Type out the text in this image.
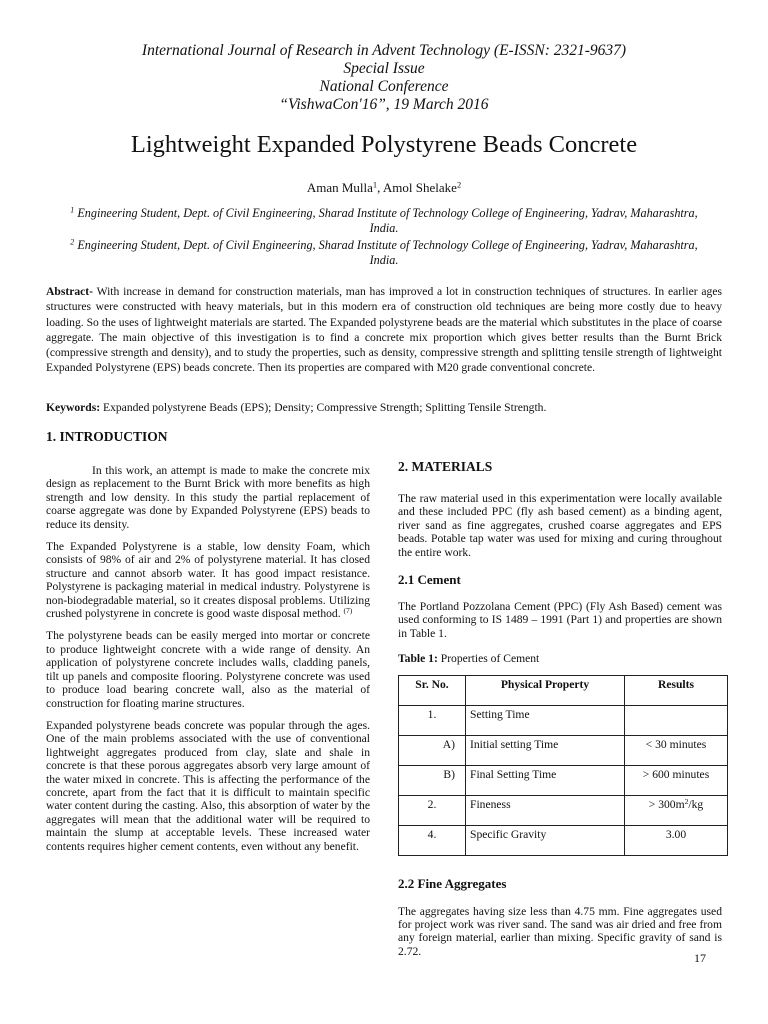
International Journal of Research in Advent Technology (E-ISSN: 2321-9637)
Special Issue
National Conference
“VishwaCon'16”, 19 March 2016
Lightweight Expanded Polystyrene Beads Concrete
Aman Mulla$^1$, Amol Shelake$^2$
$^1$ Engineering Student, Dept. of Civil Engineering, Sharad Institute of Technology College of Engineering, Yadrav, Maharashtra, India.
$^2$ Engineering Student, Dept. of Civil Engineering, Sharad Institute of Technology College of Engineering, Yadrav, Maharashtra, India.
Abstract- With increase in demand for construction materials, man has improved a lot in construction techniques of structures. In earlier ages structures were constructed with heavy materials, but in this modern era of construction old techniques are being more costly due to heavy loading. So the uses of lightweight materials are started. The Expanded polystyrene beads are the material which substitutes in the place of coarse aggregate. The main objective of this investigation is to find a concrete mix proportion which gives better results than the Burnt Brick (compressive strength and density), and to study the properties, such as density, compressive strength and splitting tensile strength of lightweight Expanded Polystyrene (EPS) beads concrete. Then its properties are compared with M20 grade conventional concrete.
Keywords: Expanded polystyrene Beads (EPS); Density; Compressive Strength; Splitting Tensile Strength.
1. INTRODUCTION

In this work, an attempt is made to make the concrete mix design as replacement to the Burnt Brick with more benefits as high strength and low density. In this study the partial replacement of coarse aggregate was done by Expanded Polystyrene (EPS) beads to reduce its density.

The Expanded Polystyrene is a stable, low density Foam, which consists of 98% of air and 2% of polystyrene material. It has closed structure and cannot absorb water. It has good impact resistance. Polystyrene is packaging material in medical industry. Polystyrene is non-biodegradable material, so it creates disposal problems. Utilizing crushed polystyrene in concrete is good waste disposal method. $^{(7)}$

The polystyrene beads can be easily merged into mortar or concrete to produce lightweight concrete with a wide range of density. An application of polystyrene concrete includes walls, cladding panels, tilt up panels and composite flooring. Polystyrene concrete was used to produce load bearing concrete wall, also as the material of construction for floating marine structures.

Expanded polystyrene beads concrete was popular through the ages. One of the main problems associated with the use of conventional lightweight aggregates produced from clay, slate and shale in concrete is that these porous aggregates absorb very large amount of the water mixed in concrete. This is affecting the performance of the concrete, apart from the fact that it is difficult to maintain specific water content during the casting. Also, this absorption of water by the aggregates will mean that the additional water will be required to maintain the slump at acceptable levels. These increased water contents requires higher cement contents, even without any benefit.

2. MATERIALS

The raw material used in this experimentation were locally available and these included PPC (fly ash based cement) as a binding agent, river sand as fine aggregates, crushed coarse aggregates and EPS beads. Potable tap water was used for mixing and curing throughout the entire work.

2.1 Cement

The Portland Pozzolana Cement (PPC) (Fly Ash Based) cement was used conforming to IS 1489 – 1991 (Part 1) and properties are shown in Table 1.

Table 1: Properties of Cement
Sr. No.	Physical Property	Results
1.	Setting Time	
A)	Initial setting Time	< 30 minutes
B)	Final Setting Time	> 600 minutes
2.	Fineness	> $300m^2/kg$
4.	Specific Gravity	3.00
2.2 Fine Aggregates

The aggregates having size less than 4.75 mm. Fine aggregates used for project work was river sand. The sand was air dried and free from any foreign material, earlier than mixing. Specific gravity of sand is 2.72.	17
